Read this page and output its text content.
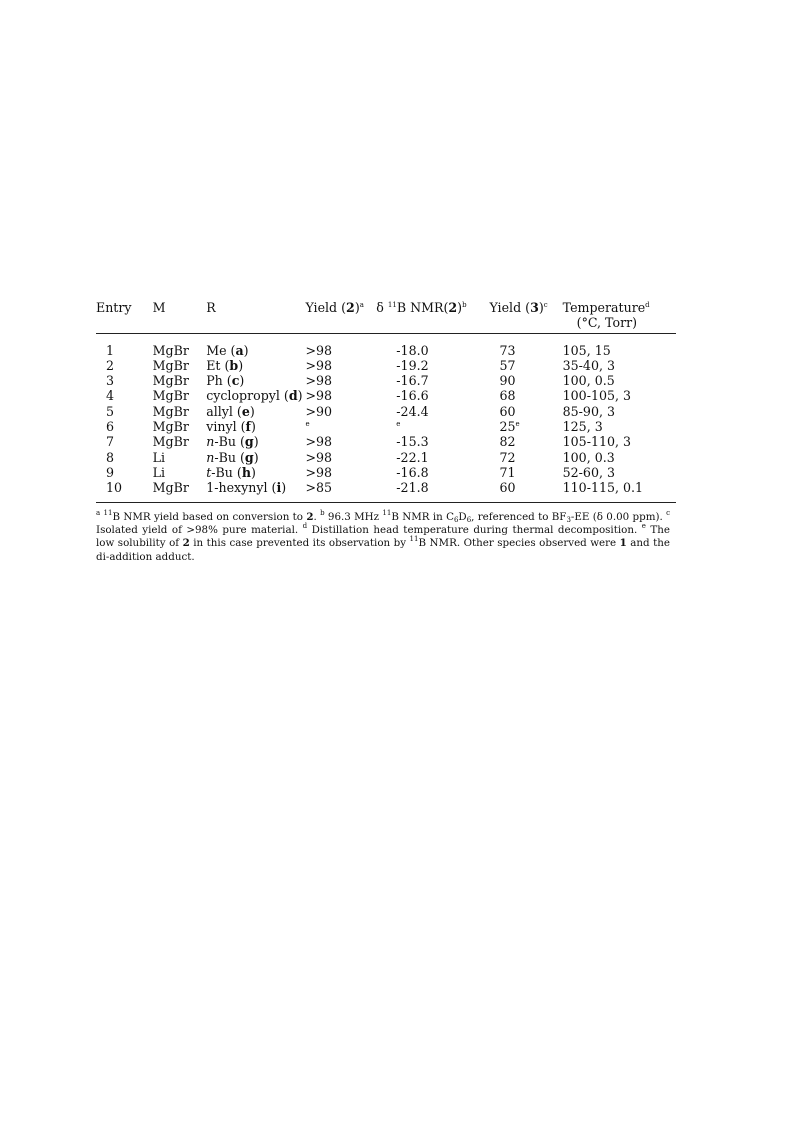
Entry	M	R	Yield $(2)^a$	δ $^{11}$B $NMR(2)^b$	Yield $(3)^c$	Temperature$^d$
(°C, Torr)

1	MgBr	Me (a)	>98	-18.0	73	105, 15
2	MgBr	Et (b)	>98	-19.2	57	35-40, 3
3	MgBr	Ph (c)	>98	-16.7	90	100, 0.5
4	MgBr	cyclopropyl (d)	>98	-16.6	68	100-105, 3
5	MgBr	allyl (e)	>90	-24.4	60	85-90, 3
6	MgBr	vinyl (f)	$^e$	$^e$	25e	125, 3
7	MgBr	n-Bu (g)	>98	-15.3	82	105-110, 3
8	Li	n-Bu (g)	>98	-22.1	72	100, 0.3
9	Li	t-Bu (h)	>98	-16.8	71	52-60, 3
10	MgBr	1-hexynyl (i)	>85	-21.8	60	110-115, 0.1
$^a$ $^{11}$B NMR yield based on conversion to 2. $^b$ 96.3 MHz $^{11}$B NMR in $C_6D_6$, referenced to $BF_3-EE$ (δ 0.00 ppm). $^c$ Isolated yield of >98% pure material. $^d$ Distillation head temperature during thermal decomposition. $^e$ The low solubility of 2 in this case prevented its observation by $^{11}$B NMR. Other species observed were 1 and the di-addition adduct.
